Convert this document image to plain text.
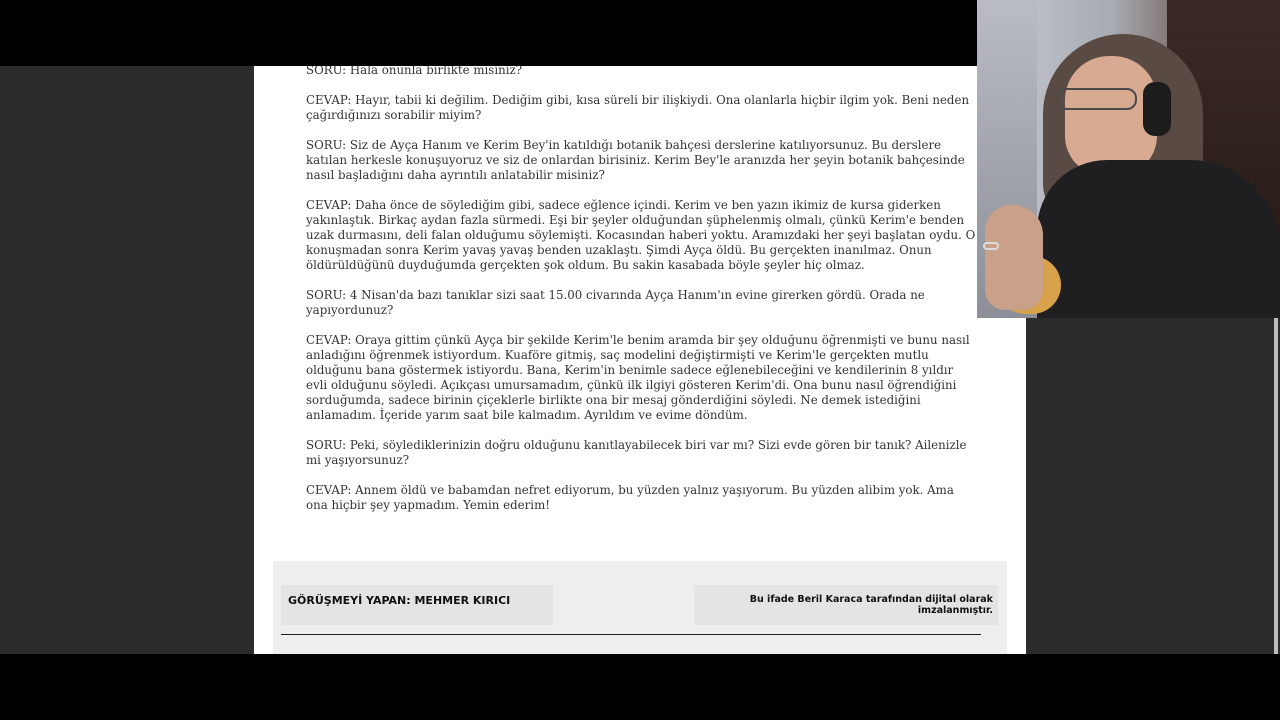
SORU: Hâlâ onunla birlikte misiniz?

CEVAP: Hayır, tabii ki değilim. Dediğim gibi, kısa süreli bir ilişkiydi. Ona olanlarla hiçbir ilgim yok. Beni neden çağırdığınızı sorabilir miyim?

SORU: Siz de Ayça Hanım ve Kerim Bey'in katıldığı botanik bahçesi derslerine katılıyorsunuz. Bu derslere katılan herkesle konuşuyoruz ve siz de onlardan birisiniz. Kerim Bey'le aranızda her şeyin botanik bahçesinde nasıl başladığını daha ayrıntılı anlatabilir misiniz?

CEVAP: Daha önce de söylediğim gibi, sadece eğlence içindi. Kerim ve ben yazın ikimiz de kursa giderken yakınlaştık. Birkaç aydan fazla sürmedi. Eşi bir şeyler olduğundan şüphelenmiş olmalı, çünkü Kerim'e benden uzak durmasını, deli falan olduğumu söylemişti. Kocasından haberi yoktu. Aramızdaki her şeyi başlatan oydu. O konuşmadan sonra Kerim yavaş yavaş benden uzaklaştı. Şimdi Ayça öldü. Bu gerçekten inanılmaz. Onun öldürüldüğünü duyduğumda gerçekten şok oldum. Bu sakin kasabada böyle şeyler hiç olmaz.

SORU: 4 Nisan'da bazı tanıklar sizi saat 15.00 civarında Ayça Hanım'ın evine girerken gördü. Orada ne yapıyordunuz?

CEVAP: Oraya gittim çünkü Ayça bir şekilde Kerim'le benim aramda bir şey olduğunu öğrenmişti ve bunu nasıl anladığını öğrenmek istiyordum. Kuaföre gitmiş, saç modelini değiştirmişti ve Kerim'le gerçekten mutlu olduğunu bana göstermek istiyordu. Bana, Kerim'in benimle sadece eğlenebileceğini ve kendilerinin 8 yıldır evli olduğunu söyledi. Açıkçası umursamadım, çünkü ilk ilgiyi gösteren Kerim'di. Ona bunu nasıl öğrendiğini sorduğumda, sadece birinin çiçeklerle birlikte ona bir mesaj gönderdiğini söyledi. Ne demek istediğini anlamadım. İçeride yarım saat bile kalmadım. Ayrıldım ve evime döndüm.

SORU: Peki, söylediklerinizin doğru olduğunu kanıtlayabilecek biri var mı? Sizi evde gören bir tanık? Ailenizle mi yaşıyorsunuz?

CEVAP: Annem öldü ve babamdan nefret ediyorum, bu yüzden yalnız yaşıyorum. Bu yüzden alibim yok. Ama ona hiçbir şey yapmadım. Yemin ederim!

GÖRÜŞMEYİ YAPAN: MEHMER KIRICI	Bu ifade Beril Karaca tarafından dijital olarak imzalanmıştır.
